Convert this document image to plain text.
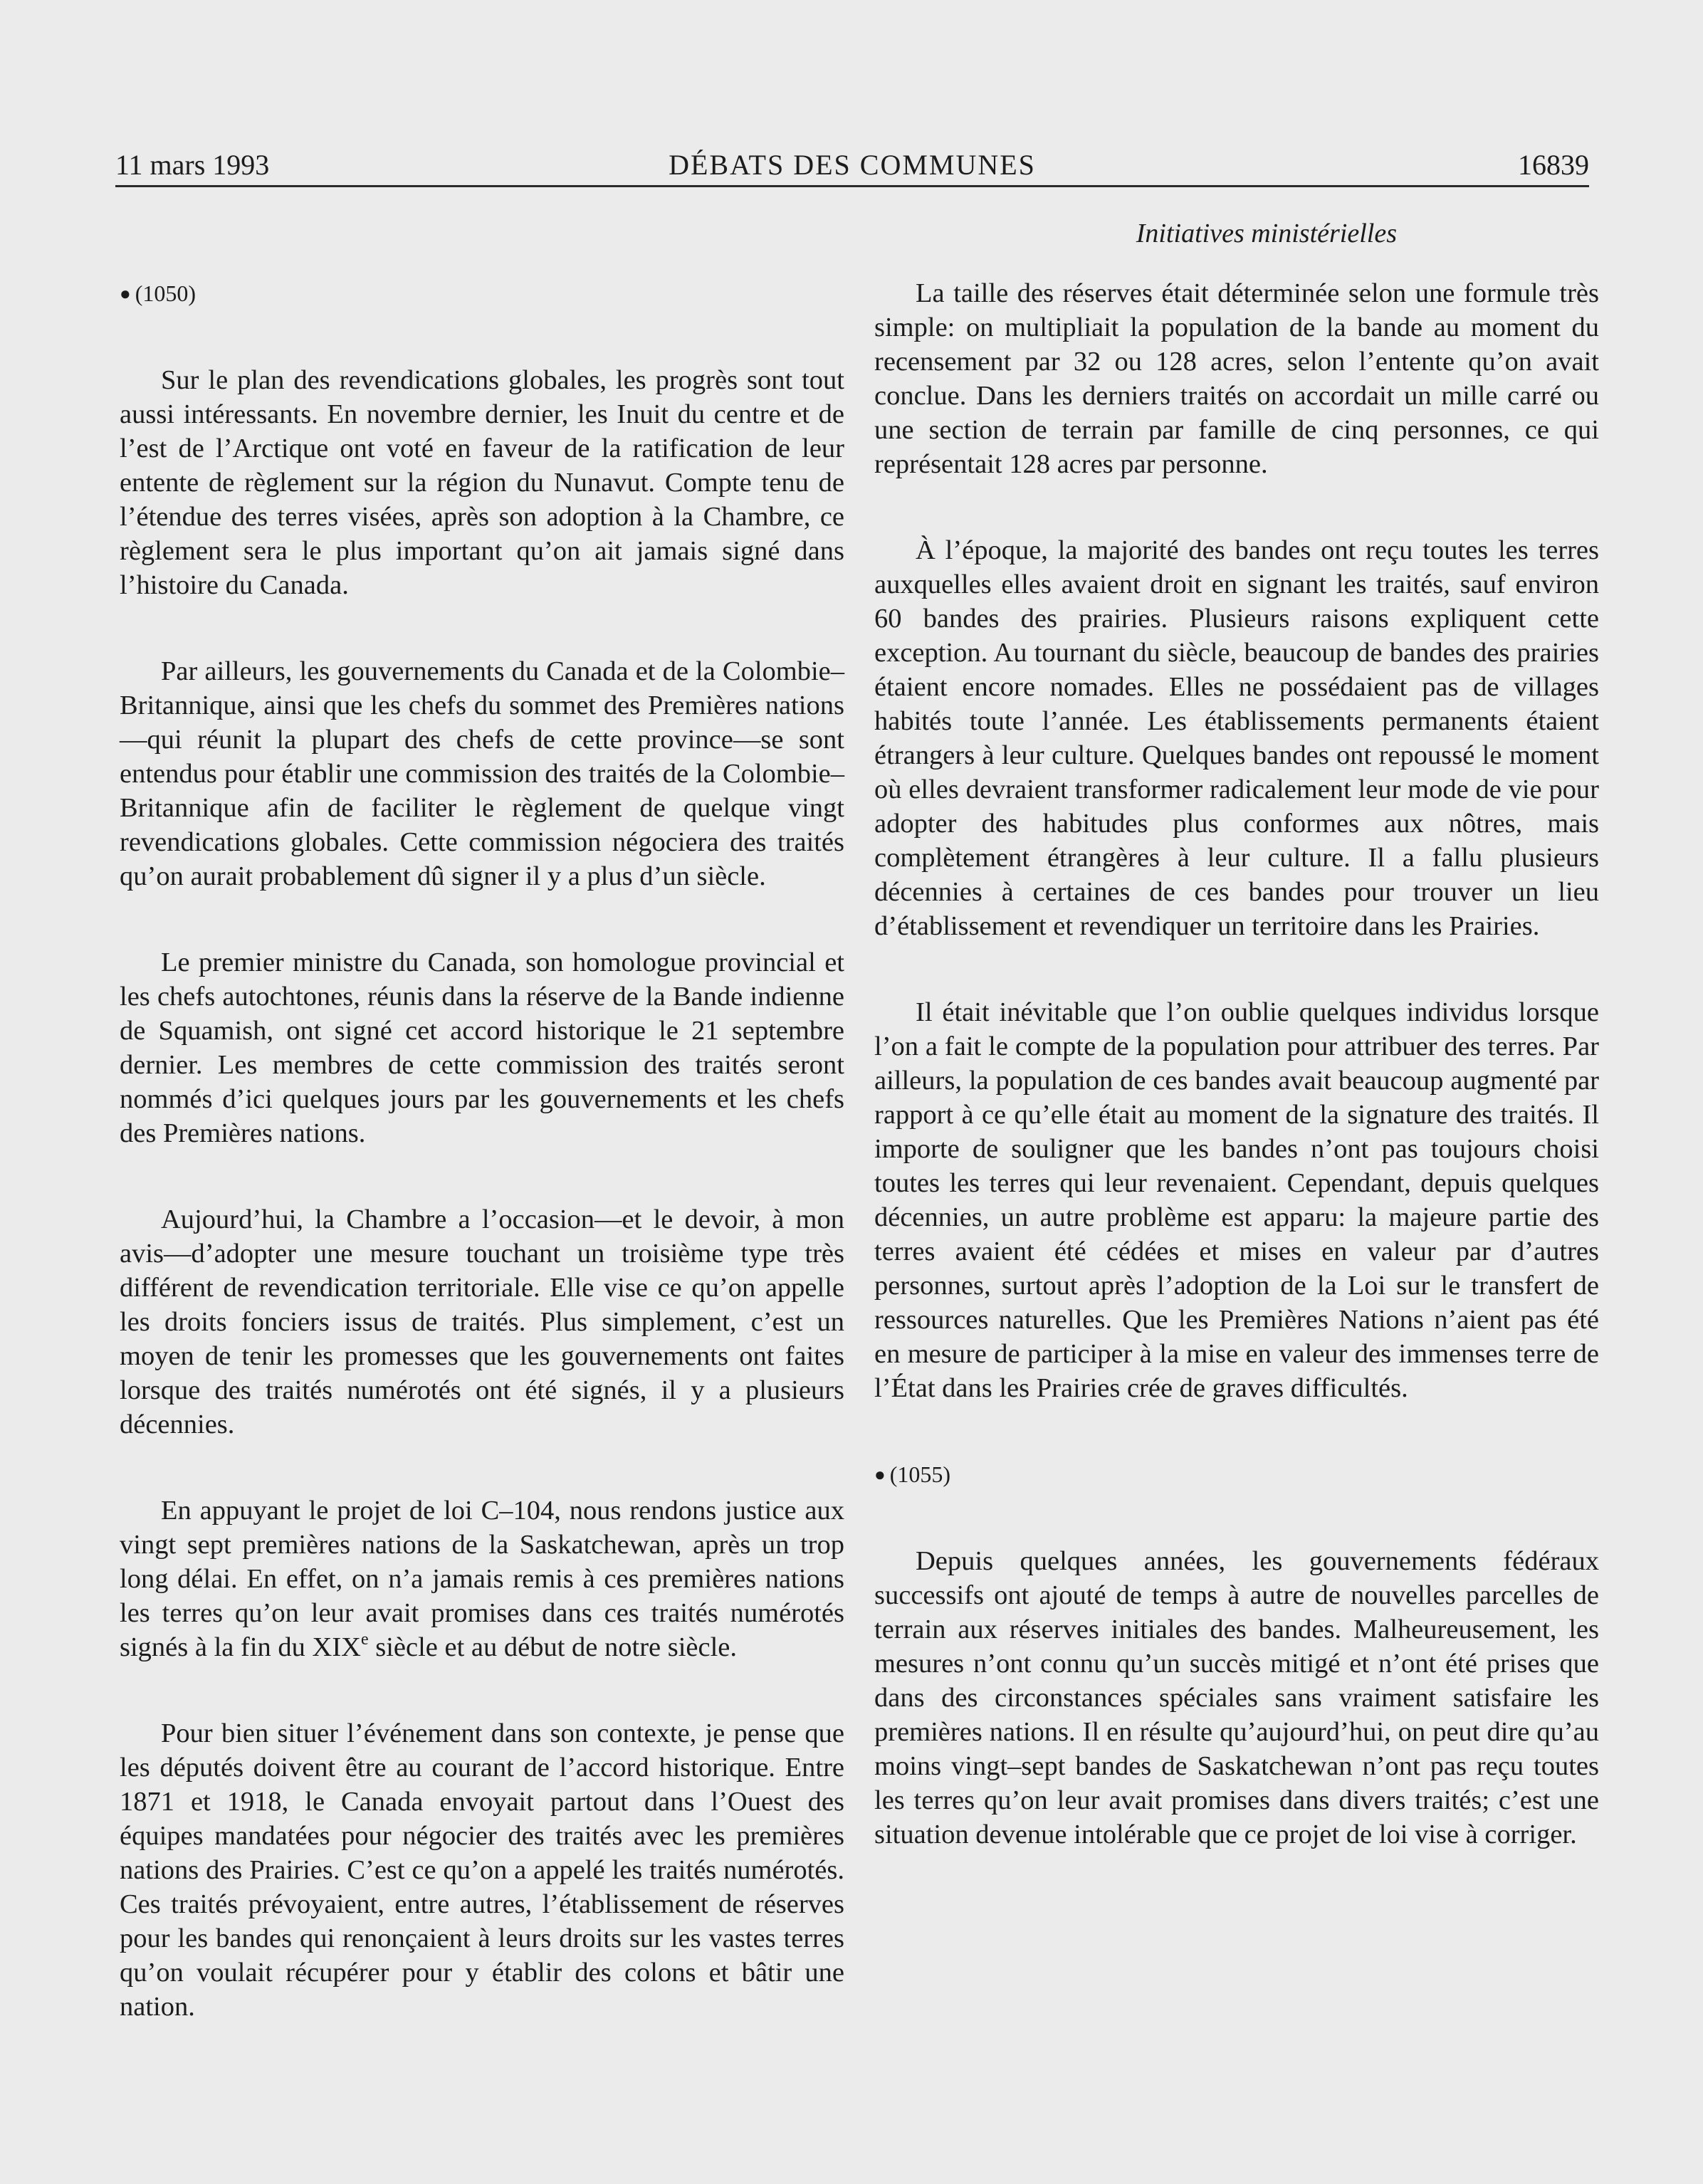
11 mars 1993	DÉBATS DES COMMUNES	16839
Initiatives ministérielles
● (1050)

Sur le plan des revendications globales, les progrès sont tout aussi intéressants. En novembre dernier, les Inuit du centre et de l’est de l’Arctique ont voté en faveur de la ratification de leur entente de règlement sur la région du Nunavut. Compte tenu de l’étendue des terres visées, après son adoption à la Chambre, ce règlement sera le plus important qu’on ait jamais signé dans l’histoire du Canada.

Par ailleurs, les gouvernements du Canada et de la Colombie–Britannique, ainsi que les chefs du sommet des Premières nations—qui réunit la plupart des chefs de cette province—se sont entendus pour établir une commission des traités de la Colombie–Britannique afin de faciliter le règlement de quelque vingt revendications globales. Cette commission négociera des traités qu’on aurait probablement dû signer il y a plus d’un siècle.

Le premier ministre du Canada, son homologue provincial et les chefs autochtones, réunis dans la réserve de la Bande indienne de Squamish, ont signé cet accord historique le 21 septembre dernier. Les membres de cette commission des traités seront nommés d’ici quelques jours par les gouvernements et les chefs des Premières nations.

Aujourd’hui, la Chambre a l’occasion—et le devoir, à mon avis—d’adopter une mesure touchant un troisième type très différent de revendication territoriale. Elle vise ce qu’on appelle les droits fonciers issus de traités. Plus simplement, c’est un moyen de tenir les promesses que les gouvernements ont faites lorsque des traités numérotés ont été signés, il y a plusieurs décennies.

En appuyant le projet de loi C–104, nous rendons justice aux vingt sept premières nations de la Saskatchewan, après un trop long délai. En effet, on n’a jamais remis à ces premières nations les terres qu’on leur avait promises dans ces traités numérotés signés à la fin du XIXe siècle et au début de notre siècle.

Pour bien situer l’événement dans son contexte, je pense que les députés doivent être au courant de l’accord historique. Entre 1871 et 1918, le Canada envoyait partout dans l’Ouest des équipes mandatées pour négocier des traités avec les premières nations des Prairies. C’est ce qu’on a appelé les traités numérotés. Ces traités prévoyaient, entre autres, l’établissement de réserves pour les bandes qui renonçaient à leurs droits sur les vastes terres qu’on voulait récupérer pour y établir des colons et bâtir une nation.

La taille des réserves était déterminée selon une formule très simple: on multipliait la population de la bande au moment du recensement par 32 ou 128 acres, selon l’entente qu’on avait conclue. Dans les derniers traités on accordait un mille carré ou une section de terrain par famille de cinq personnes, ce qui représentait 128 acres par personne.

À l’époque, la majorité des bandes ont reçu toutes les terres auxquelles elles avaient droit en signant les traités, sauf environ 60 bandes des prairies. Plusieurs raisons expliquent cette exception. Au tournant du siècle, beaucoup de bandes des prairies étaient encore nomades. Elles ne possédaient pas de villages habités toute l’année. Les établissements permanents étaient étrangers à leur culture. Quelques bandes ont repoussé le moment où elles devraient transformer radicalement leur mode de vie pour adopter des habitudes plus conformes aux nôtres, mais complètement étrangères à leur culture. Il a fallu plusieurs décennies à certaines de ces bandes pour trouver un lieu d’établissement et revendiquer un territoire dans les Prairies.

Il était inévitable que l’on oublie quelques individus lorsque l’on a fait le compte de la population pour attribuer des terres. Par ailleurs, la population de ces bandes avait beaucoup augmenté par rapport à ce qu’elle était au moment de la signature des traités. Il importe de souligner que les bandes n’ont pas toujours choisi toutes les terres qui leur revenaient. Cependant, depuis quelques décennies, un autre problème est apparu: la majeure partie des terres avaient été cédées et mises en valeur par d’autres personnes, surtout après l’adoption de la Loi sur le transfert de ressources naturelles. Que les Premières Nations n’aient pas été en mesure de participer à la mise en valeur des immenses terre de l’État dans les Prairies crée de graves difficultés.

● (1055)

Depuis quelques années, les gouvernements fédéraux successifs ont ajouté de temps à autre de nouvelles parcelles de terrain aux réserves initiales des bandes. Malheureusement, les mesures n’ont connu qu’un succès mitigé et n’ont été prises que dans des circonstances spéciales sans vraiment satisfaire les premières nations. Il en résulte qu’aujourd’hui, on peut dire qu’au moins vingt–sept bandes de Saskatchewan n’ont pas reçu toutes les terres qu’on leur avait promises dans divers traités; c’est une situation devenue intolérable que ce projet de loi vise à corriger.
